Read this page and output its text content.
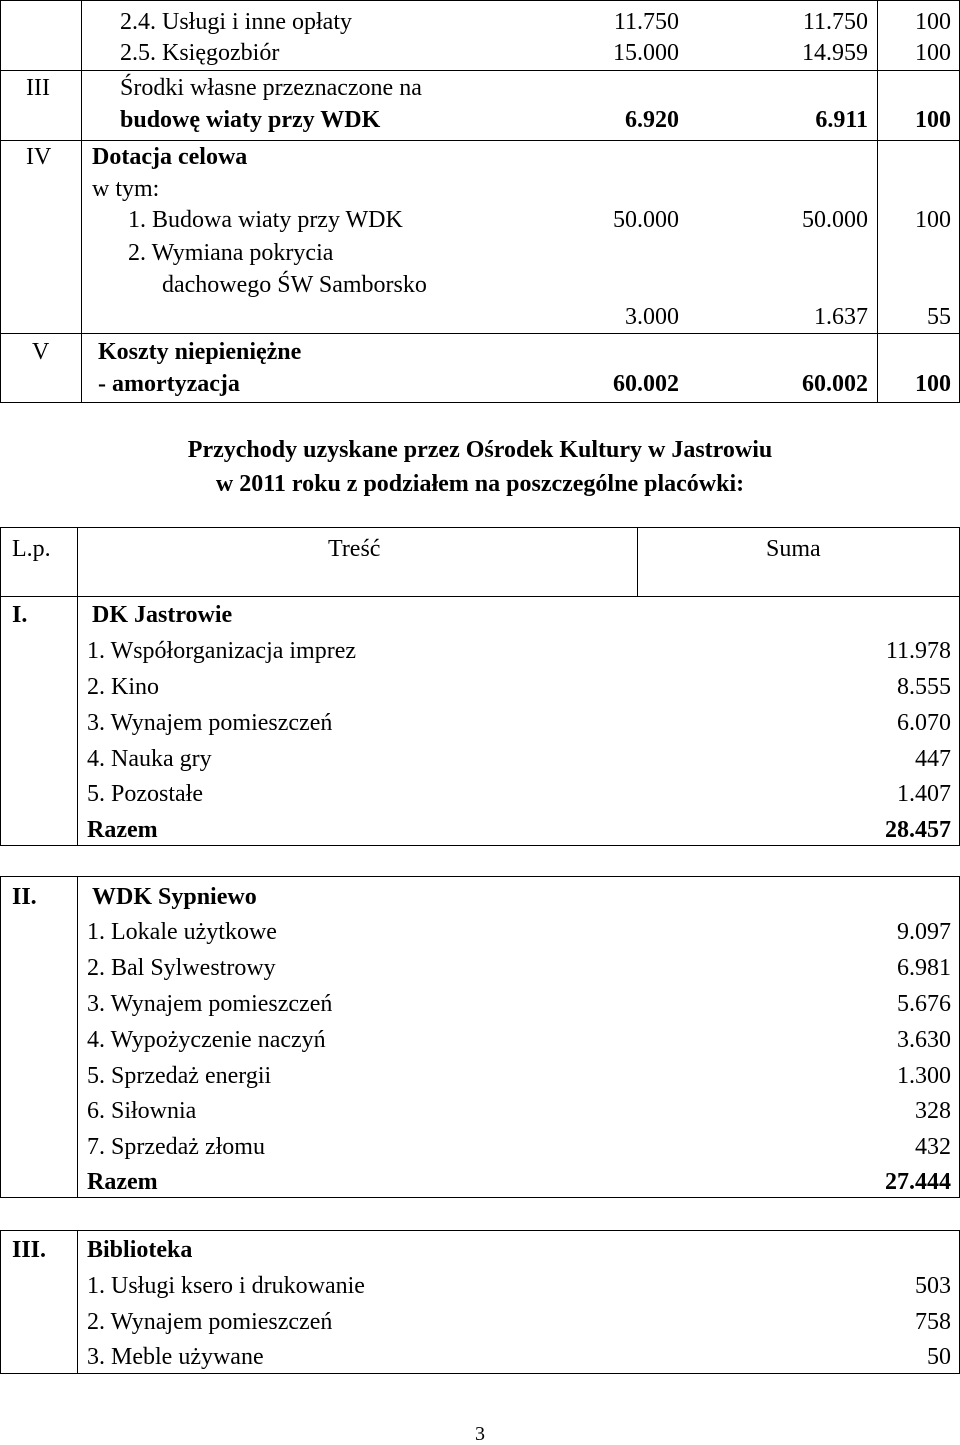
2.4. Usługi i inne opłaty	11.750	11.750 100
2.5. Księgozbiór	15.000	14.959 100
III	Środki własne przeznaczone na
budowę wiaty przy WDK	6.920	6.911 100
IV Dotacja celowa
w tym:
1. Budowa wiaty przy WDK	50.000	50.000 100
2. Wymiana pokrycia
dachowego ŚW Samborsko
3.000	1.637 55
V Koszty niepieniężne
- amortyzacja	60.002	60.002 100
Przychody uzyskane przez Ośrodek Kultury w Jastrowiu
w 2011 roku z podziałem na poszczególne placówki:
L.p.	Treść	Suma
I.	DK Jastrowie
1. Współorganizacja imprez	11.978
2. Kino	8.555
3. Wynajem pomieszczeń	6.070
4. Nauka gry	447
5. Pozostałe	1.407
Razem	28.457
II. WDK Sypniewo
1. Lokale użytkowe	9.097
2. Bal Sylwestrowy	6.981
3. Wynajem pomieszczeń	5.676
4. Wypożyczenie naczyń	3.630
5. Sprzedaż energii	1.300
6. Siłownia	328
7. Sprzedaż złomu	432
Razem	27.444
III. Biblioteka
1. Usługi ksero i drukowanie	503
2. Wynajem pomieszczeń	758
3. Meble używane	50
3
